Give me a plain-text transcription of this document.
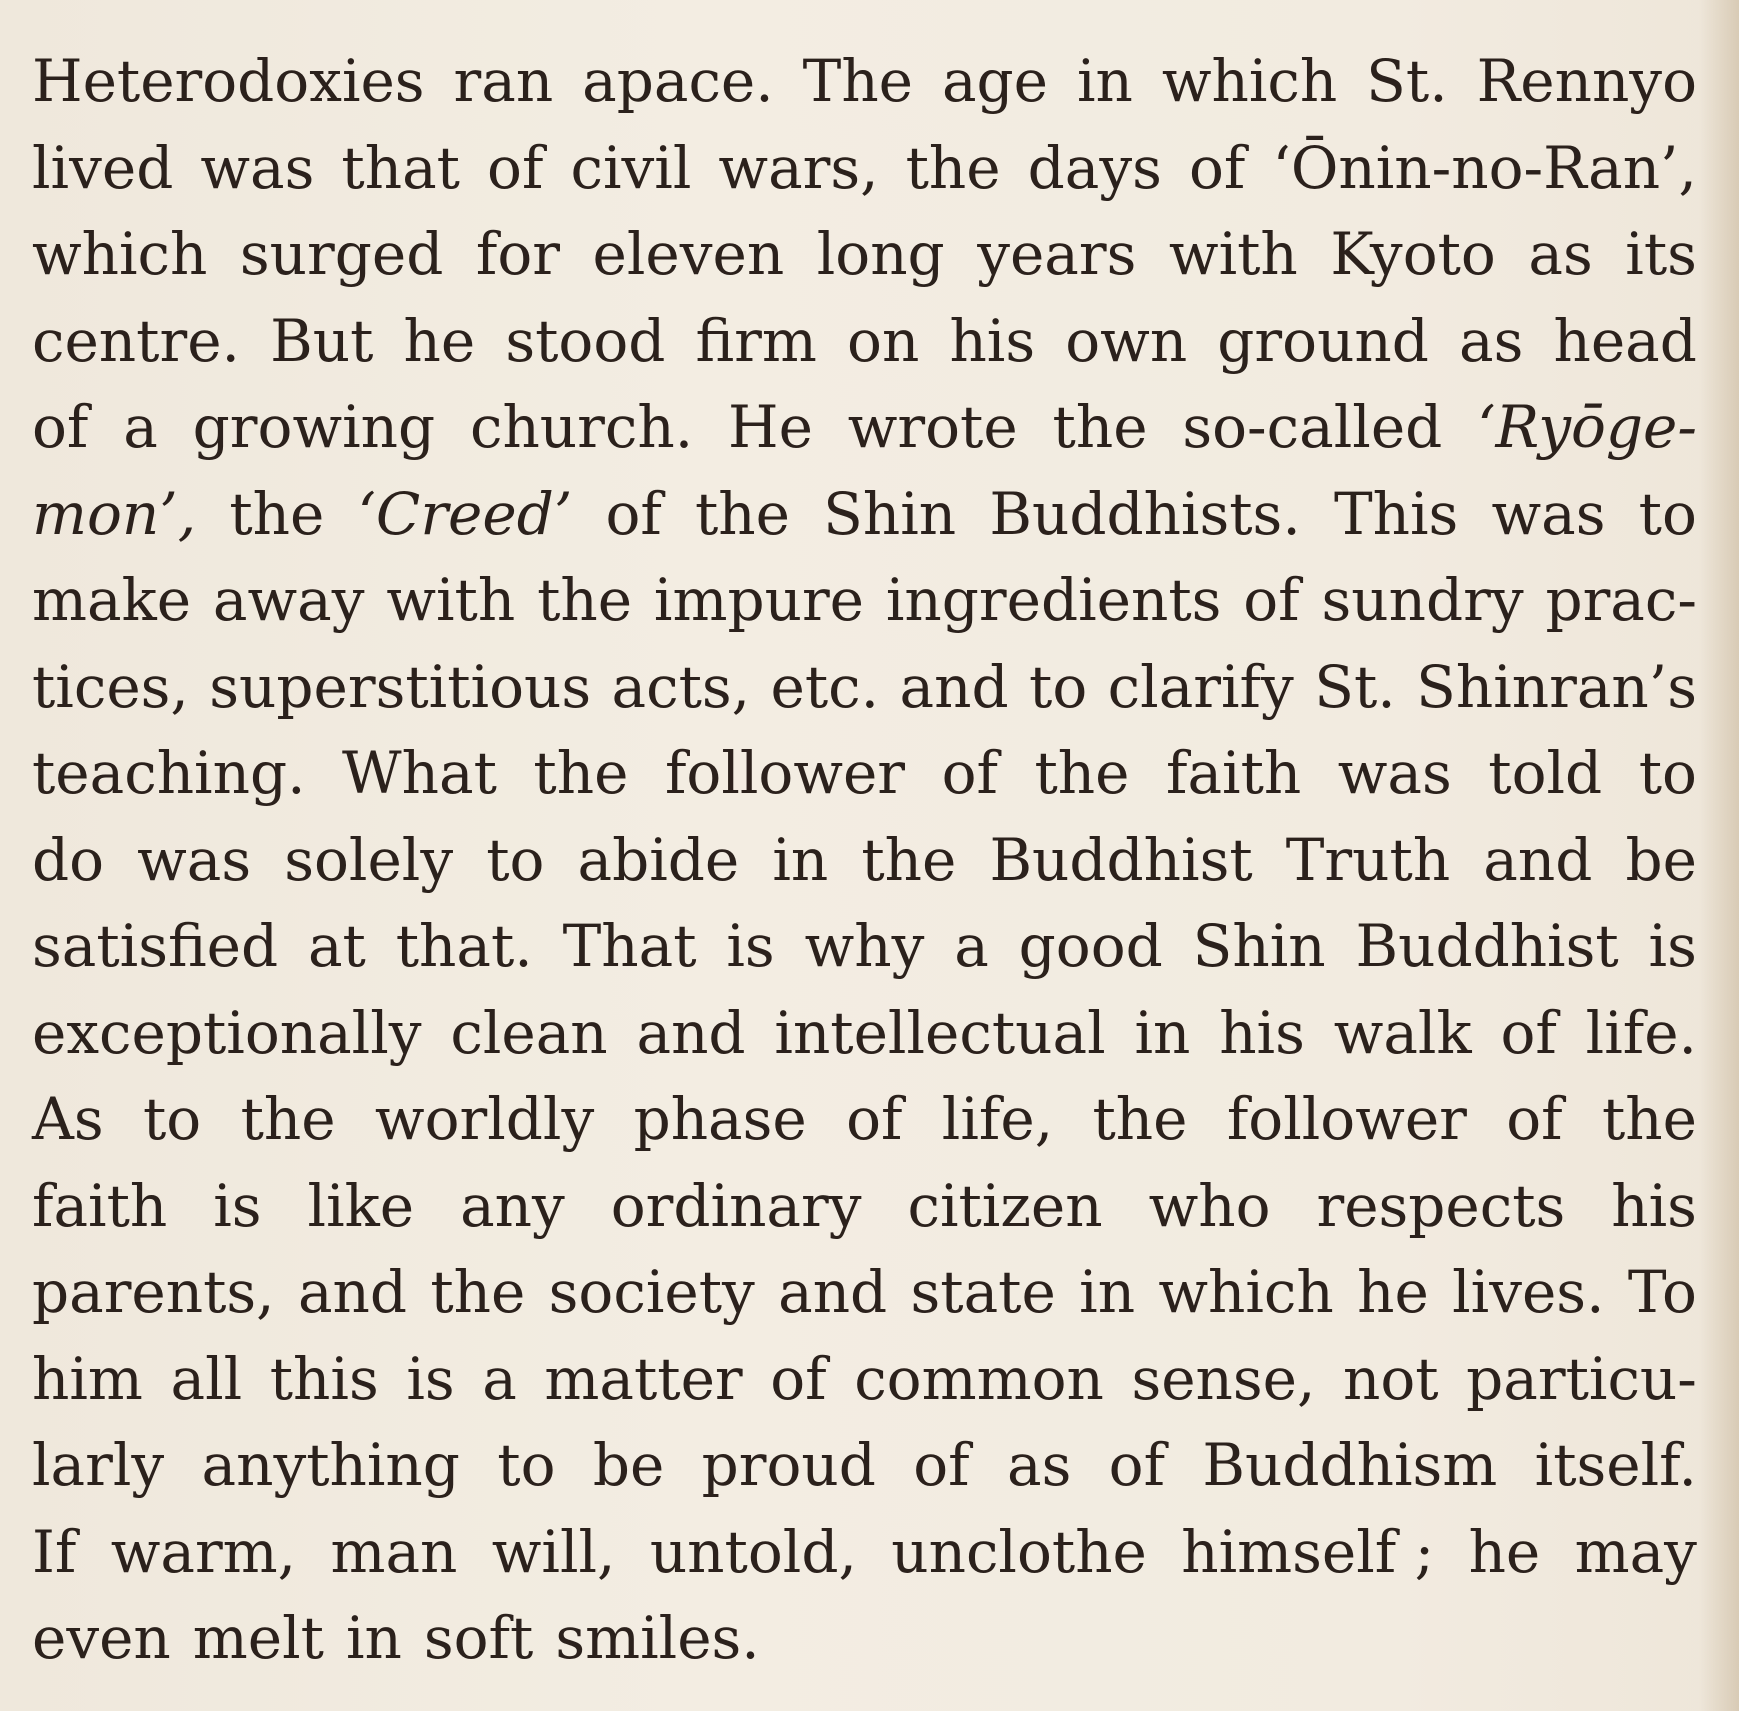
Heterodoxies ran apace. The age in which St. Rennyo
lived was that of civil wars, the days of ‘Ōnin-no-Ran’,
which surged for eleven long years with Kyoto as its
centre. But he stood firm on his own ground as head
of a growing church. He wrote the so-called ‘Ryōge-
mon’, the ‘Creed’ of the Shin Buddhists. This was to
make away with the impure ingredients of sundry prac-
tices, superstitious acts, etc. and to clarify St. Shinran’s
teaching. What the follower of the faith was told to
do was solely to abide in the Buddhist Truth and be
satisfied at that. That is why a good Shin Buddhist is
exceptionally clean and intellectual in his walk of life.
As to the worldly phase of life, the follower of the
faith is like any ordinary citizen who respects his
parents, and the society and state in which he lives. To
him all this is a matter of common sense, not particu-
larly anything to be proud of as of Buddhism itself.
If warm, man will, untold, unclothe himself ; he may
even melt in soft smiles.
